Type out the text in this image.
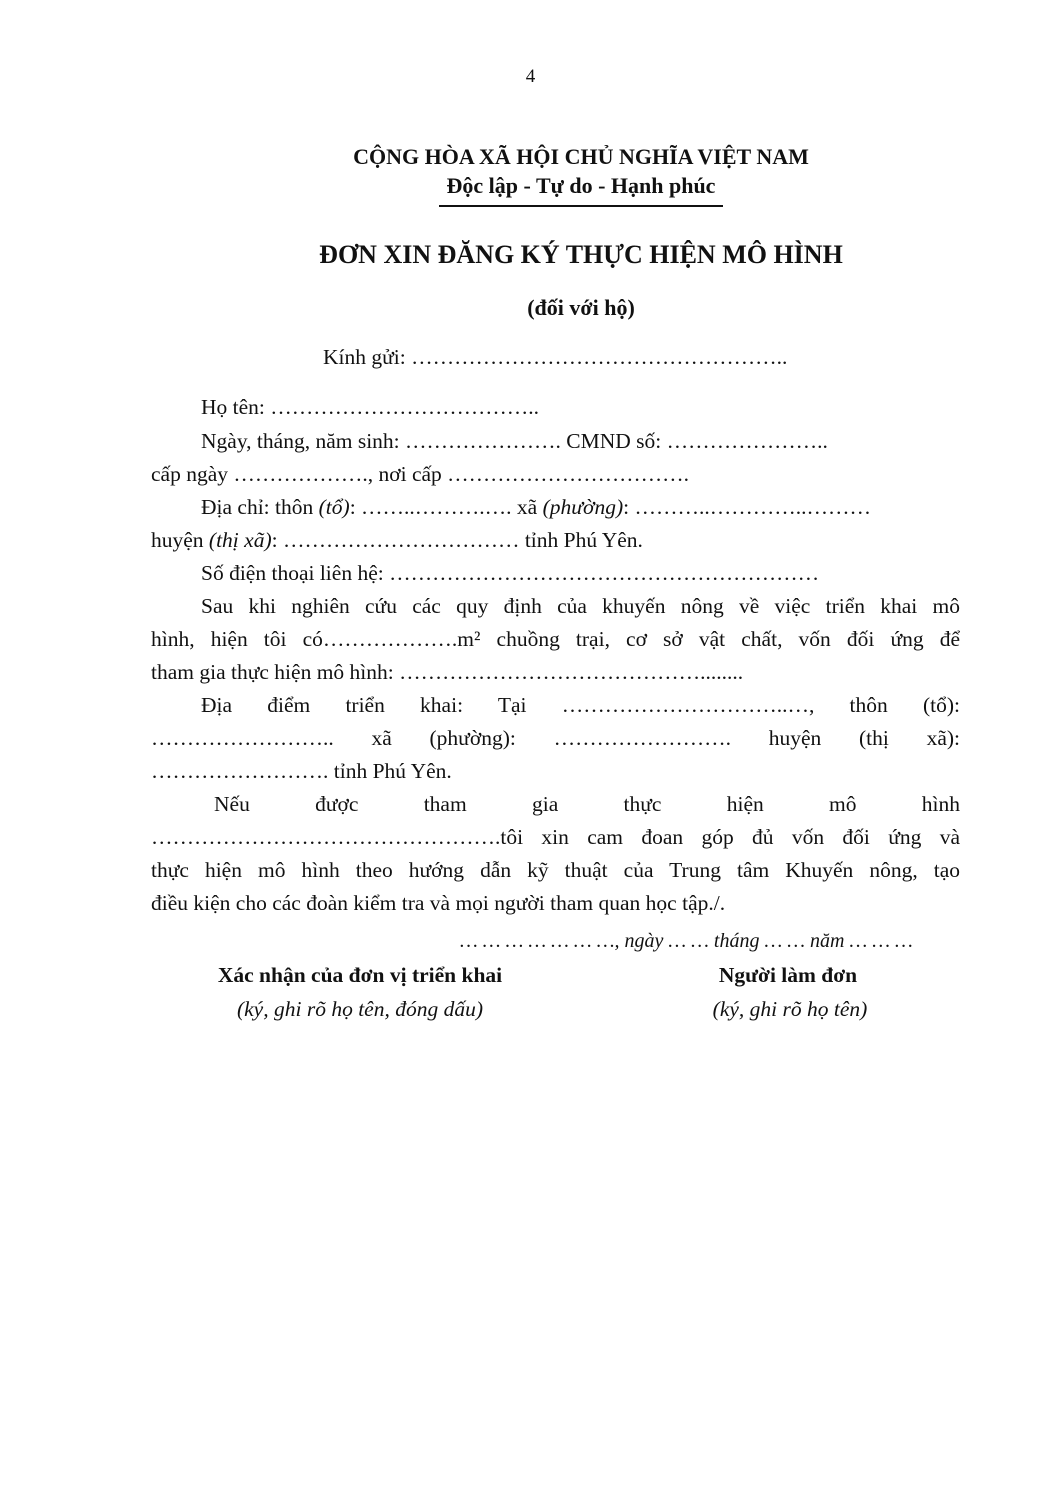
4
CỘNG HÒA XÃ HỘI CHỦ NGHĨA VIỆT NAM
Độc lập - Tự do - Hạnh phúc
ĐƠN XIN ĐĂNG KÝ THỰC HIỆN MÔ HÌNH
(đối với hộ)
Kính gửi: ……………………………………………..
Họ tên: ………………………………..
Ngày, tháng, năm sinh: …………………. CMND số: …………………..
cấp ngày ………………., nơi cấp …………………………….
Địa chỉ: thôn (tổ): ……..……….…. xã (phường): ………..…………..………
huyện (thị xã): …………………………… tỉnh Phú Yên.
Số điện thoại liên hệ: ……………………………………………………
Sau khi nghiên cứu các quy định của khuyến nông về việc triển khai mô
hình, hiện tôi có……………….m² chuồng trại, cơ sở vật chất, vốn đối ứng để
tham gia thực hiện mô hình: ……………………………………........
Địa điểm triển khai: Tại …………………………..…, thôn (tổ):
…………………….. xã (phường): ……………………. huyện (thị xã):
……………………. tỉnh Phú Yên.
Nếu được tham gia thực hiện mô hình
………………………………………….tôi xin cam đoan góp đủ vốn đối ứng và
thực hiện mô hình theo hướng dẫn kỹ thuật của Trung tâm Khuyến nông, tạo
điều kiện cho các đoàn kiểm tra và mọi người tham quan học tập./.
… … … … … … …, ngày … … tháng … … năm … … …
Xác nhận của đơn vị triển khai
(ký, ghi rõ họ tên, đóng dấu)
Người làm đơn
(ký, ghi rõ họ tên)
